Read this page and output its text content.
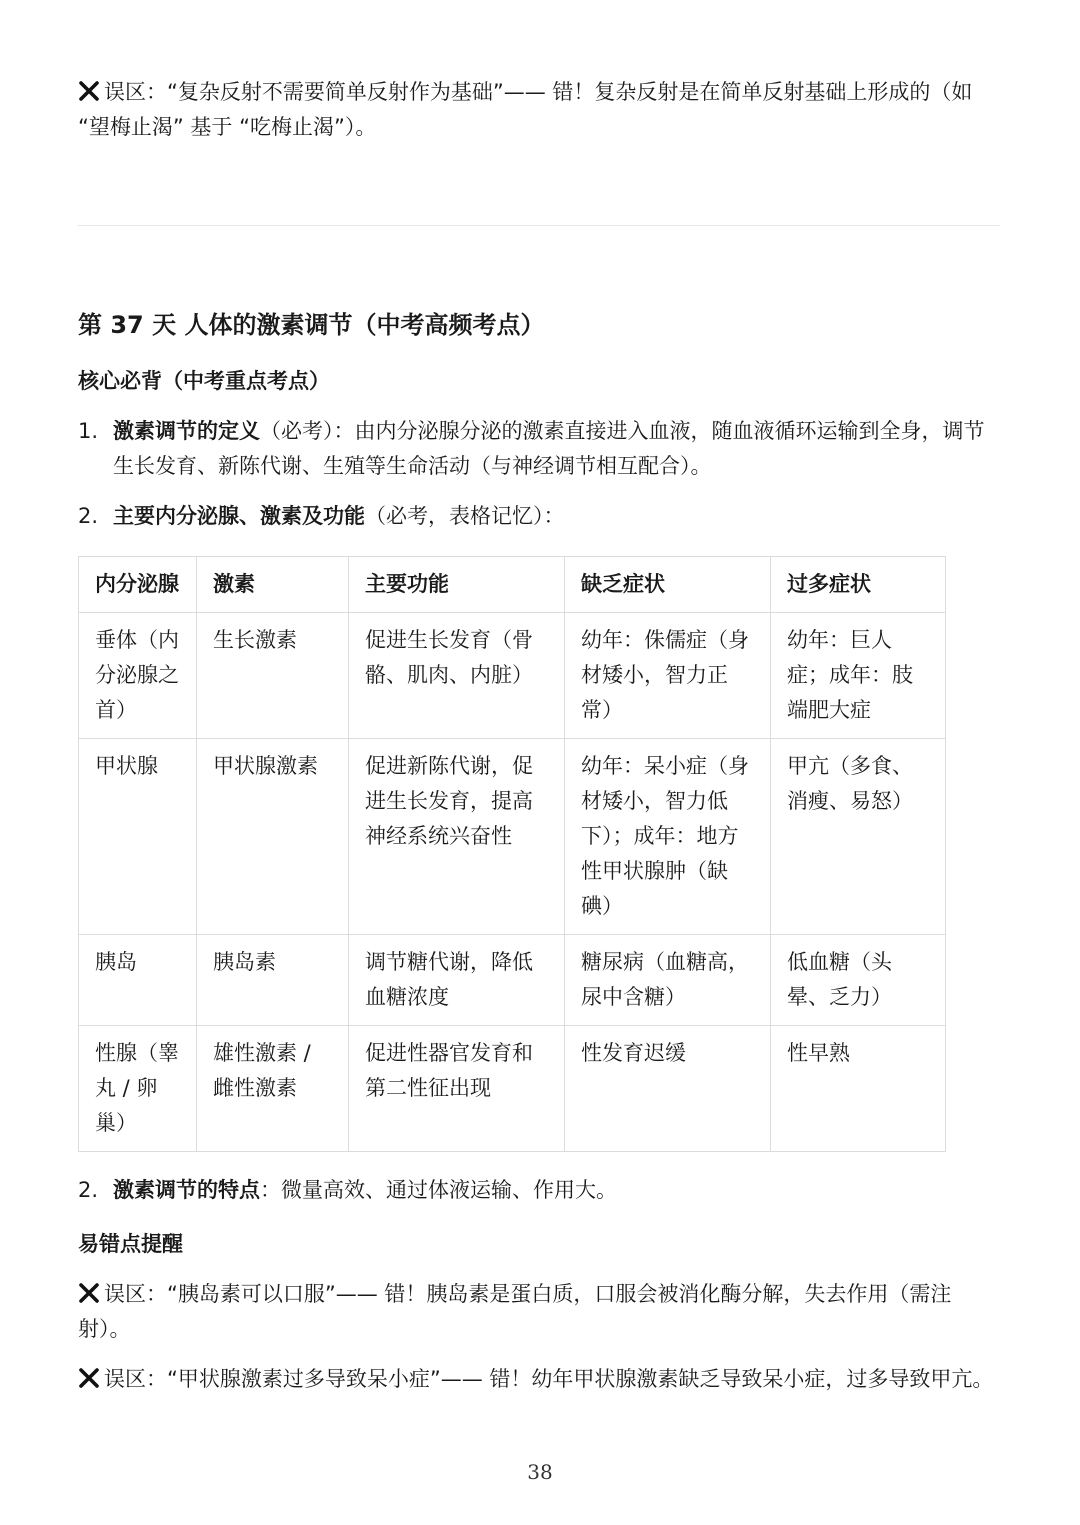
误区：“复杂反射不需要简单反射作为基础”—— 错！复杂反射是在简单反射基础上形成的（如 “望梅止渴” 基于 “吃梅止渴”）。

第 37 天 人体的激素调节（中考高频考点）
核心必背（中考重点考点）
1. 激素调节的定义（必考）：由内分泌腺分泌的激素直接进入血液，随血液循环运输到全身，调节生长发育、新陈代谢、生殖等生命活动（与神经调节相互配合）。
2. 主要内分泌腺、激素及功能（必考，表格记忆）：
内分泌腺	激素	主要功能	缺乏症状	过多症状
垂体（内分泌腺之首）	生长激素	促进生长发育（骨骼、肌肉、内脏）	幼年：侏儒症（身材矮小，智力正常）	幼年：巨人症；成年：肢端肥大症
甲状腺	甲状腺激素	促进新陈代谢，促进生长发育，提高神经系统兴奋性	幼年：呆小症（身材矮小，智力低下）；成年：地方性甲状腺肿（缺碘）	甲亢（多食、消瘦、易怒）
胰岛	胰岛素	调节糖代谢，降低血糖浓度	糖尿病（血糖高，尿中含糖）	低血糖（头晕、乏力）
性腺（睾丸 / 卵巢）	雄性激素 / 雌性激素	促进性器官发育和第二性征出现	性发育迟缓	性早熟
2. 激素调节的特点：微量高效、通过体液运输、作用大。
易错点提醒

误区：“胰岛素可以口服”—— 错！胰岛素是蛋白质，口服会被消化酶分解，失去作用（需注射）。

误区：“甲状腺激素过多导致呆小症”—— 错！幼年甲状腺激素缺乏导致呆小症，过多导致甲亢。

38
